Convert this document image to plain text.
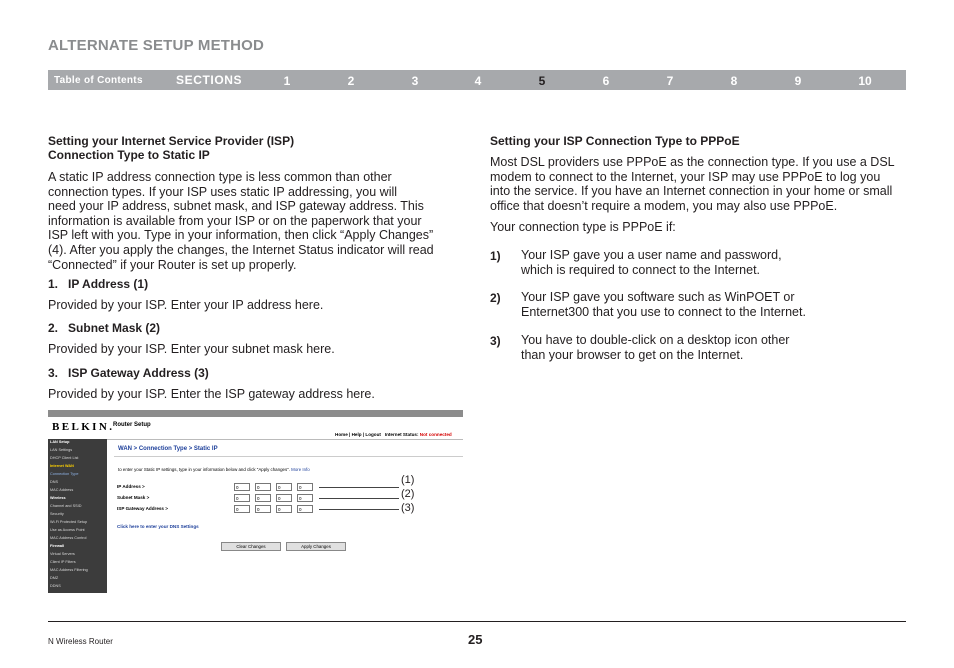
ALTERNATE SETUP METHOD
Table of Contents	SECTIONS	1	2	3	4	5	6	7	8	9	10
Setting your Internet Service Provider (ISP)
Connection Type to Static IP
A static IP address connection type is less common than other
connection types. If your ISP uses static IP addressing, you will
need your IP address, subnet mask, and ISP gateway address. This
information is available from your ISP or on the paperwork that your
ISP left with you. Type in your information, then click “Apply Changes”
(4). After you apply the changes, the Internet Status indicator will read
“Connected” if your Router is set up properly.
1. IP Address (1)
Provided by your ISP. Enter your IP address here.
2. Subnet Mask (2)
Provided by your ISP. Enter your subnet mask here.
3. ISP Gateway Address (3)
Provided by your ISP. Enter the ISP gateway address here.
BELKIN.
Router Setup
Home | Help | Logout Internet Status: Not connected
LAN Setup
LAN Settings
DHCP Client List
Internet WAN
Connection Type
DNS
MAC Address
Wireless
Channel and SSID
Security
Wi-Fi Protected Setup
Use as Access Point
MAC Address Control
Firewall
Virtual Servers
Client IP Filters
MAC Address Filtering
DMZ
DDNS
WAN > Connection Type > Static IP
to enter your Static IP settings, type in your information below and click "Apply changes". More Info
IP Address >	0	0	0	0
Subnet Mask >	0	0	0	0
ISP Gateway Address >	0	0	0	0
Click here to enter your DNS Settings
Clear Changes	Apply Changes
(1)
(2)
(3)
Setting your ISP Connection Type to PPPoE
Most DSL providers use PPPoE as the connection type. If you use a DSL
modem to connect to the Internet, your ISP may use PPPoE to log you
into the service. If you have an Internet connection in your home or small
office that doesn’t require a modem, you may also use PPPoE.
Your connection type is PPPoE if:
1) Your ISP gave you a user name and password,
which is required to connect to the Internet.
2) Your ISP gave you software such as WinPOET or
Enternet300 that you use to connect to the Internet.
3) You have to double-click on a desktop icon other
than your browser to get on the Internet.
N Wireless Router	25
